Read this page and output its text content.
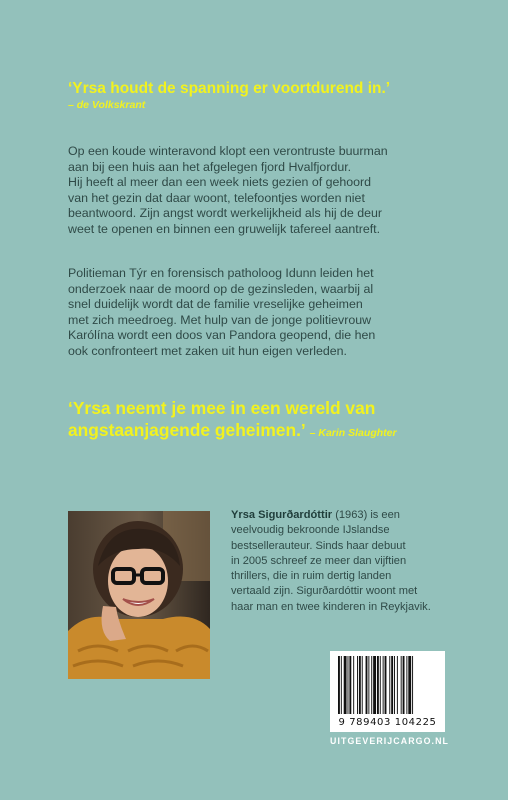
‘Yrsa houdt de spanning er voortdurend in.’
– de Volkskrant

Op een koude winteravond klopt een verontruste buurman
aan bij een huis aan het afgelegen fjord Hvalfjordur.
Hij heeft al meer dan een week niets gezien of gehoord
van het gezin dat daar woont, telefoontjes worden niet
beantwoord. Zijn angst wordt werkelijkheid als hij de deur
weet te openen en binnen een gruwelijk tafereel aantreft.

Politieman Týr en forensisch patholoog Idunn leiden het
onderzoek naar de moord op de gezinsleden, waarbij al
snel duidelijk wordt dat de familie vreselijke geheimen
met zich meedroeg. Met hulp van de jonge politievrouw
Karólína wordt een doos van Pandora geopend, die hen
ook confronteert met zaken uit hun eigen verleden.

‘Yrsa neemt je mee in een wereld van
angstaanjagende geheimen.’ – Karin Slaughter

Yrsa Sigurðardóttir (1963) is een
veelvoudig bekroonde IJslandse
bestsellerauteur. Sinds haar debuut
in 2005 schreef ze meer dan vijftien
thrillers, die in ruim dertig landen
vertaald zijn. Sigurðardóttir woont met
haar man en twee kinderen in Reykjavik.

9 789403 104225
UITGEVERIJCARGO.NL
